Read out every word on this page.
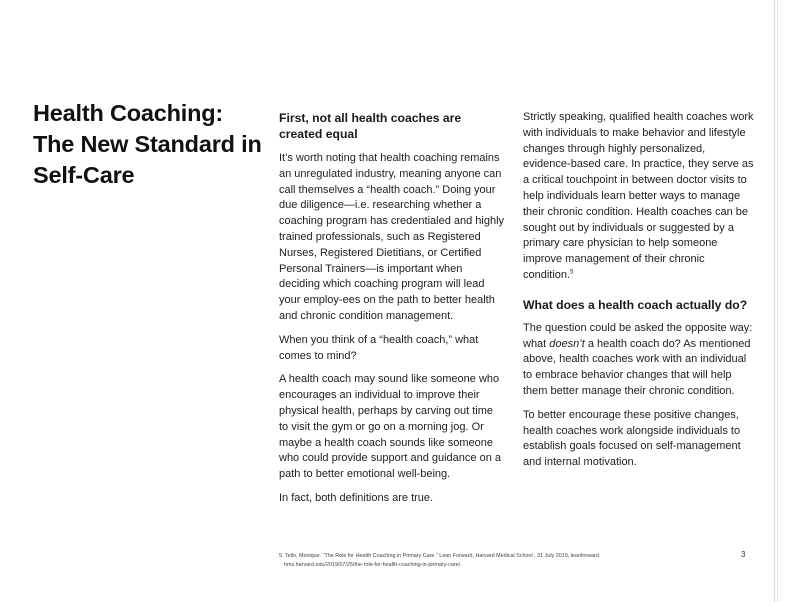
Health Coaching: The New Standard in Self-Care
First, not all health coaches are created equal

It’s worth noting that health coaching remains an unregulated industry, meaning anyone can call themselves a “health coach.” Doing your due diligence—i.e. researching whether a coaching program has credentialed and highly trained professionals, such as Registered Nurses, Registered Dietitians, or Certified Personal Trainers—is important when deciding which coaching program will lead your employ-ees on the path to better health and chronic condition management.

When you think of a “health coach,” what comes to mind?

A health coach may sound like someone who encourages an individual to improve their physical health, perhaps by carving out time to visit the gym or go on a morning jog. Or maybe a health coach sounds like someone who could provide support and guidance on a path to better emotional well-being.

In fact, both definitions are true.

Strictly speaking, qualified health coaches work with individuals to make behavior and lifestyle changes through highly personalized, evidence-based care. In practice, they serve as a critical touchpoint in between doctor visits to help individuals learn better ways to manage their chronic condition. Health coaches can be sought out by individuals or suggested by a primary care physician to help someone improve management of their chronic condition.$^5$

What does a health coach actually do?

The question could be asked the opposite way: what doesn’t a health coach do? As mentioned above, health coaches work with an individual to embrace behavior changes that will help them better manage their chronic condition.

To better encourage these positive changes, health coaches work alongside individuals to establish goals focused on self-management and internal motivation.

5. Tello, Monique. “The Role for Health Coaching in Primary Care.” Lean Forward, Harvard Medical School , 31 July 2019, leanforward.
hms.harvard.edu/2019/07/25/the-role-for-health-coaching-in-primary-care/.
3
